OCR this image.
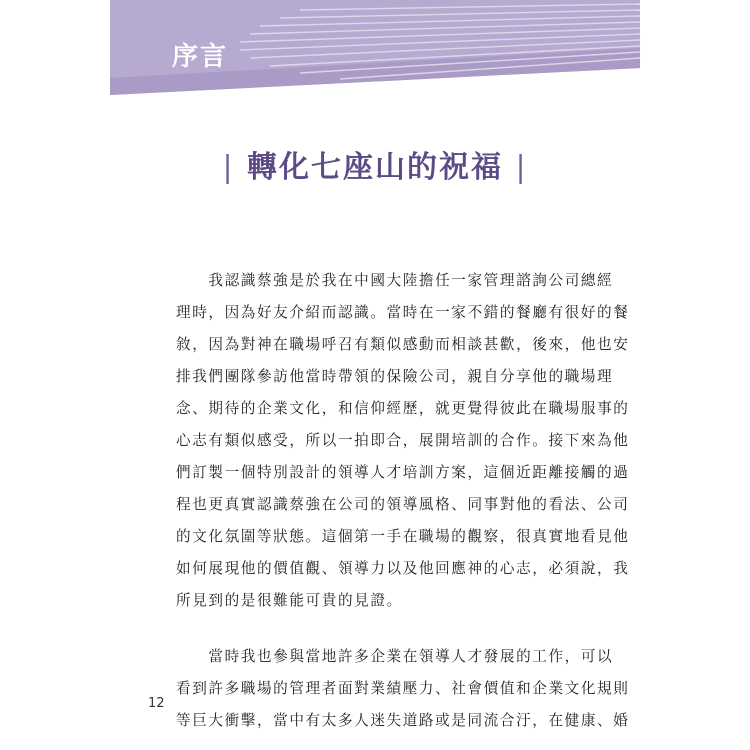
序言
| 轉化七座山的祝福 |

　　我認識蔡強是於我在中國大陸擔任一家管理諮詢公司總經

理時，因為好友介紹而認識。當時在一家不錯的餐廳有很好的餐

敘，因為對神在職場呼召有類似感動而相談甚歡，後來，他也安

排我們團隊參訪他當時帶領的保險公司，親自分享他的職場理

念、期待的企業文化，和信仰經歷，就更覺得彼此在職場服事的

心志有類似感受，所以一拍即合，展開培訓的合作。接下來為他

們訂製一個特別設計的領導人才培訓方案，這個近距離接觸的過

程也更真實認識蔡強在公司的領導風格、同事對他的看法、公司

的文化氛圍等狀態。這個第一手在職場的觀察，很真實地看見他

如何展現他的價值觀、領導力以及他回應神的心志，必須說，我

所見到的是很難能可貴的見證。

　　當時我也參與當地許多企業在領導人才發展的工作，可以

看到許多職場的管理者面對業績壓力、社會價值和企業文化規則

等巨大衝擊，當中有太多人迷失道路或是同流合汙，在健康、婚

12
